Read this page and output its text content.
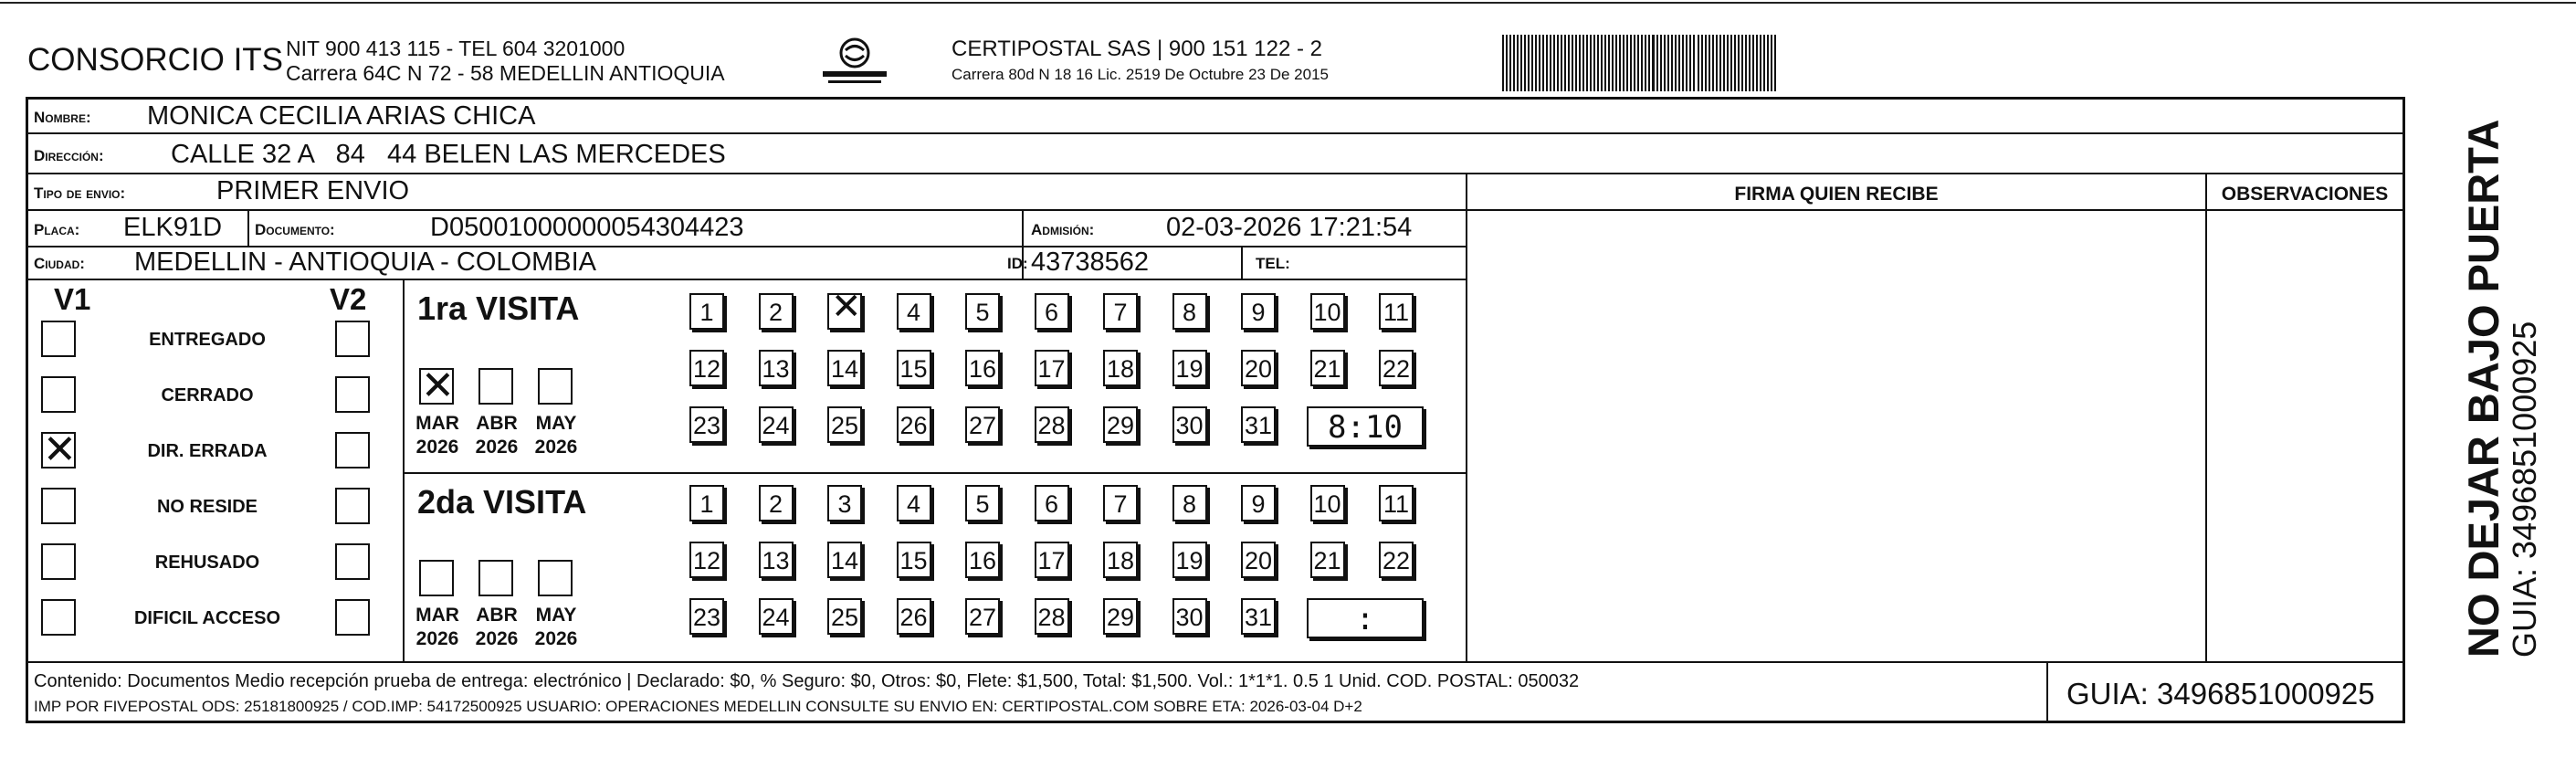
CONSORCIO ITS NIT 900 413 115 - TEL 604 3201000
Carrera 64C N 72 - 58 MEDELLIN ANTIOQUIA
CERTIPOSTAL SAS | 900 151 122 - 2
Carrera 80d N 18 16 Lic. 2519 De Octubre 23 De 2015
Nombre: MONICA CECILIA ARIAS CHICA
Dirección:	CALLE 32 A   84   44 BELEN LAS MERCEDES
Tipo de envio:	PRIMER ENVIO	FIRMA QUIEN RECIBE	OBSERVACIONES
Placa: ELK91D Documento:	D05001000000054304423	Admisión:	02-03-2026 17:21:54
Ciudad: MEDELLIN - ANTIOQUIA - COLOMBIA	ID: 43738562	TEL:
V1	V2
ENTREGADO
CERRADO
✕	DIR. ERRADA
NO RESIDE
REHUSADO
DIFICIL ACCESO
1ra VISITA
2da VISITA
✕
MAR
2026
ABR
2026
MAY
2026
1	2
✕	4	5	6	7	8	9	10 11
12 13 14 15 16 17 18 19 20 21 22
23 24 25 26 27 28 29 30 31	8:10
MAR
2026
ABR
2026
MAY
2026
1	2	3	4	5	6	7	8	9	10 11
12 13 14 15 16 17 18 19 20 21 22
23 24 25 26 27 28 29 30 31	:
Contenido: Documentos Medio recepción prueba de entrega: electrónico | Declarado: $0, % Seguro: $0, Otros: $0, Flete: $1,500, Total: $1,500. Vol.: 1*1*1. 0.5 1 Unid. COD. POSTAL: 050032
IMP POR FIVEPOSTAL ODS: 25181800925 / COD.IMP: 54172500925 USUARIO: OPERACIONES MEDELLIN CONSULTE SU ENVIO EN: CERTIPOSTAL.COM SOBRE ETA: 2026-03-04 D+2	GUIA: 3496851000925
NO DEJAR BAJO PUERTA
GUIA: 3496851000925
